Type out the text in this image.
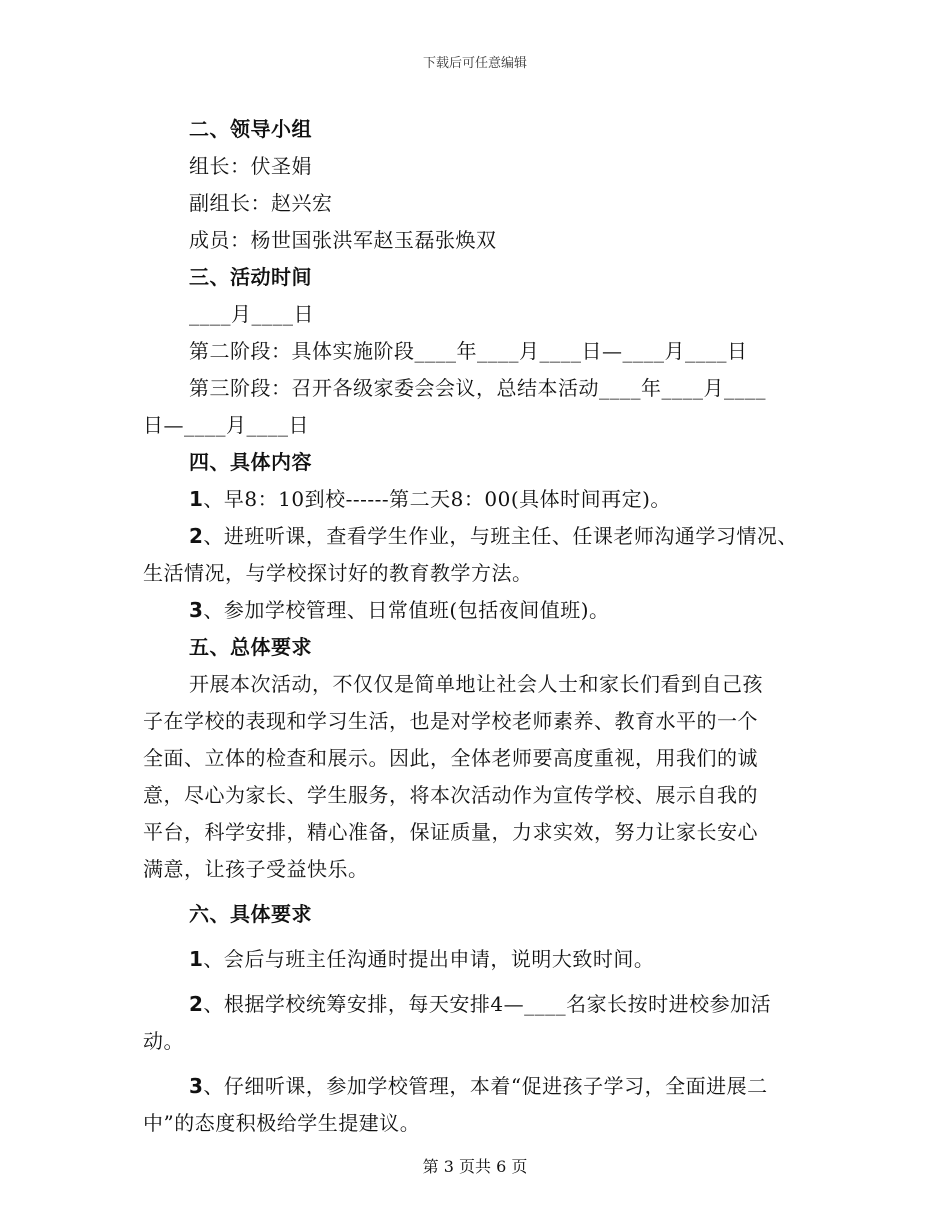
下载后可任意编辑
二、领导小组
组长：伏圣娟
副组长：赵兴宏
成员：杨世国张洪军赵玉磊张焕双
三、活动时间
____月____日
第二阶段：具体实施阶段____年____月____日—____月____日
第三阶段：召开各级家委会会议，总结本活动____年____月____
日—____月____日
四、具体内容
1、早8：10到校------第二天8：00(具体时间再定)。
2、进班听课，查看学生作业，与班主任、任课老师沟通学习情况、
生活情况，与学校探讨好的教育教学方法。
3、参加学校管理、日常值班(包括夜间值班)。
五、总体要求
开展本次活动，不仅仅是简单地让社会人士和家长们看到自己孩
子在学校的表现和学习生活，也是对学校老师素养、教育水平的一个
全面、立体的检查和展示。因此，全体老师要高度重视，用我们的诚
意，尽心为家长、学生服务，将本次活动作为宣传学校、展示自我的
平台，科学安排，精心准备，保证质量，力求实效，努力让家长安心
满意，让孩子受益快乐。
六、具体要求
1、会后与班主任沟通时提出申请，说明大致时间。
2、根据学校统筹安排，每天安排4—____名家长按时进校参加活
动。
3、仔细听课，参加学校管理，本着“促进孩子学习，全面进展二
中”的态度积极给学生提建议。
第 3 页共 6 页
